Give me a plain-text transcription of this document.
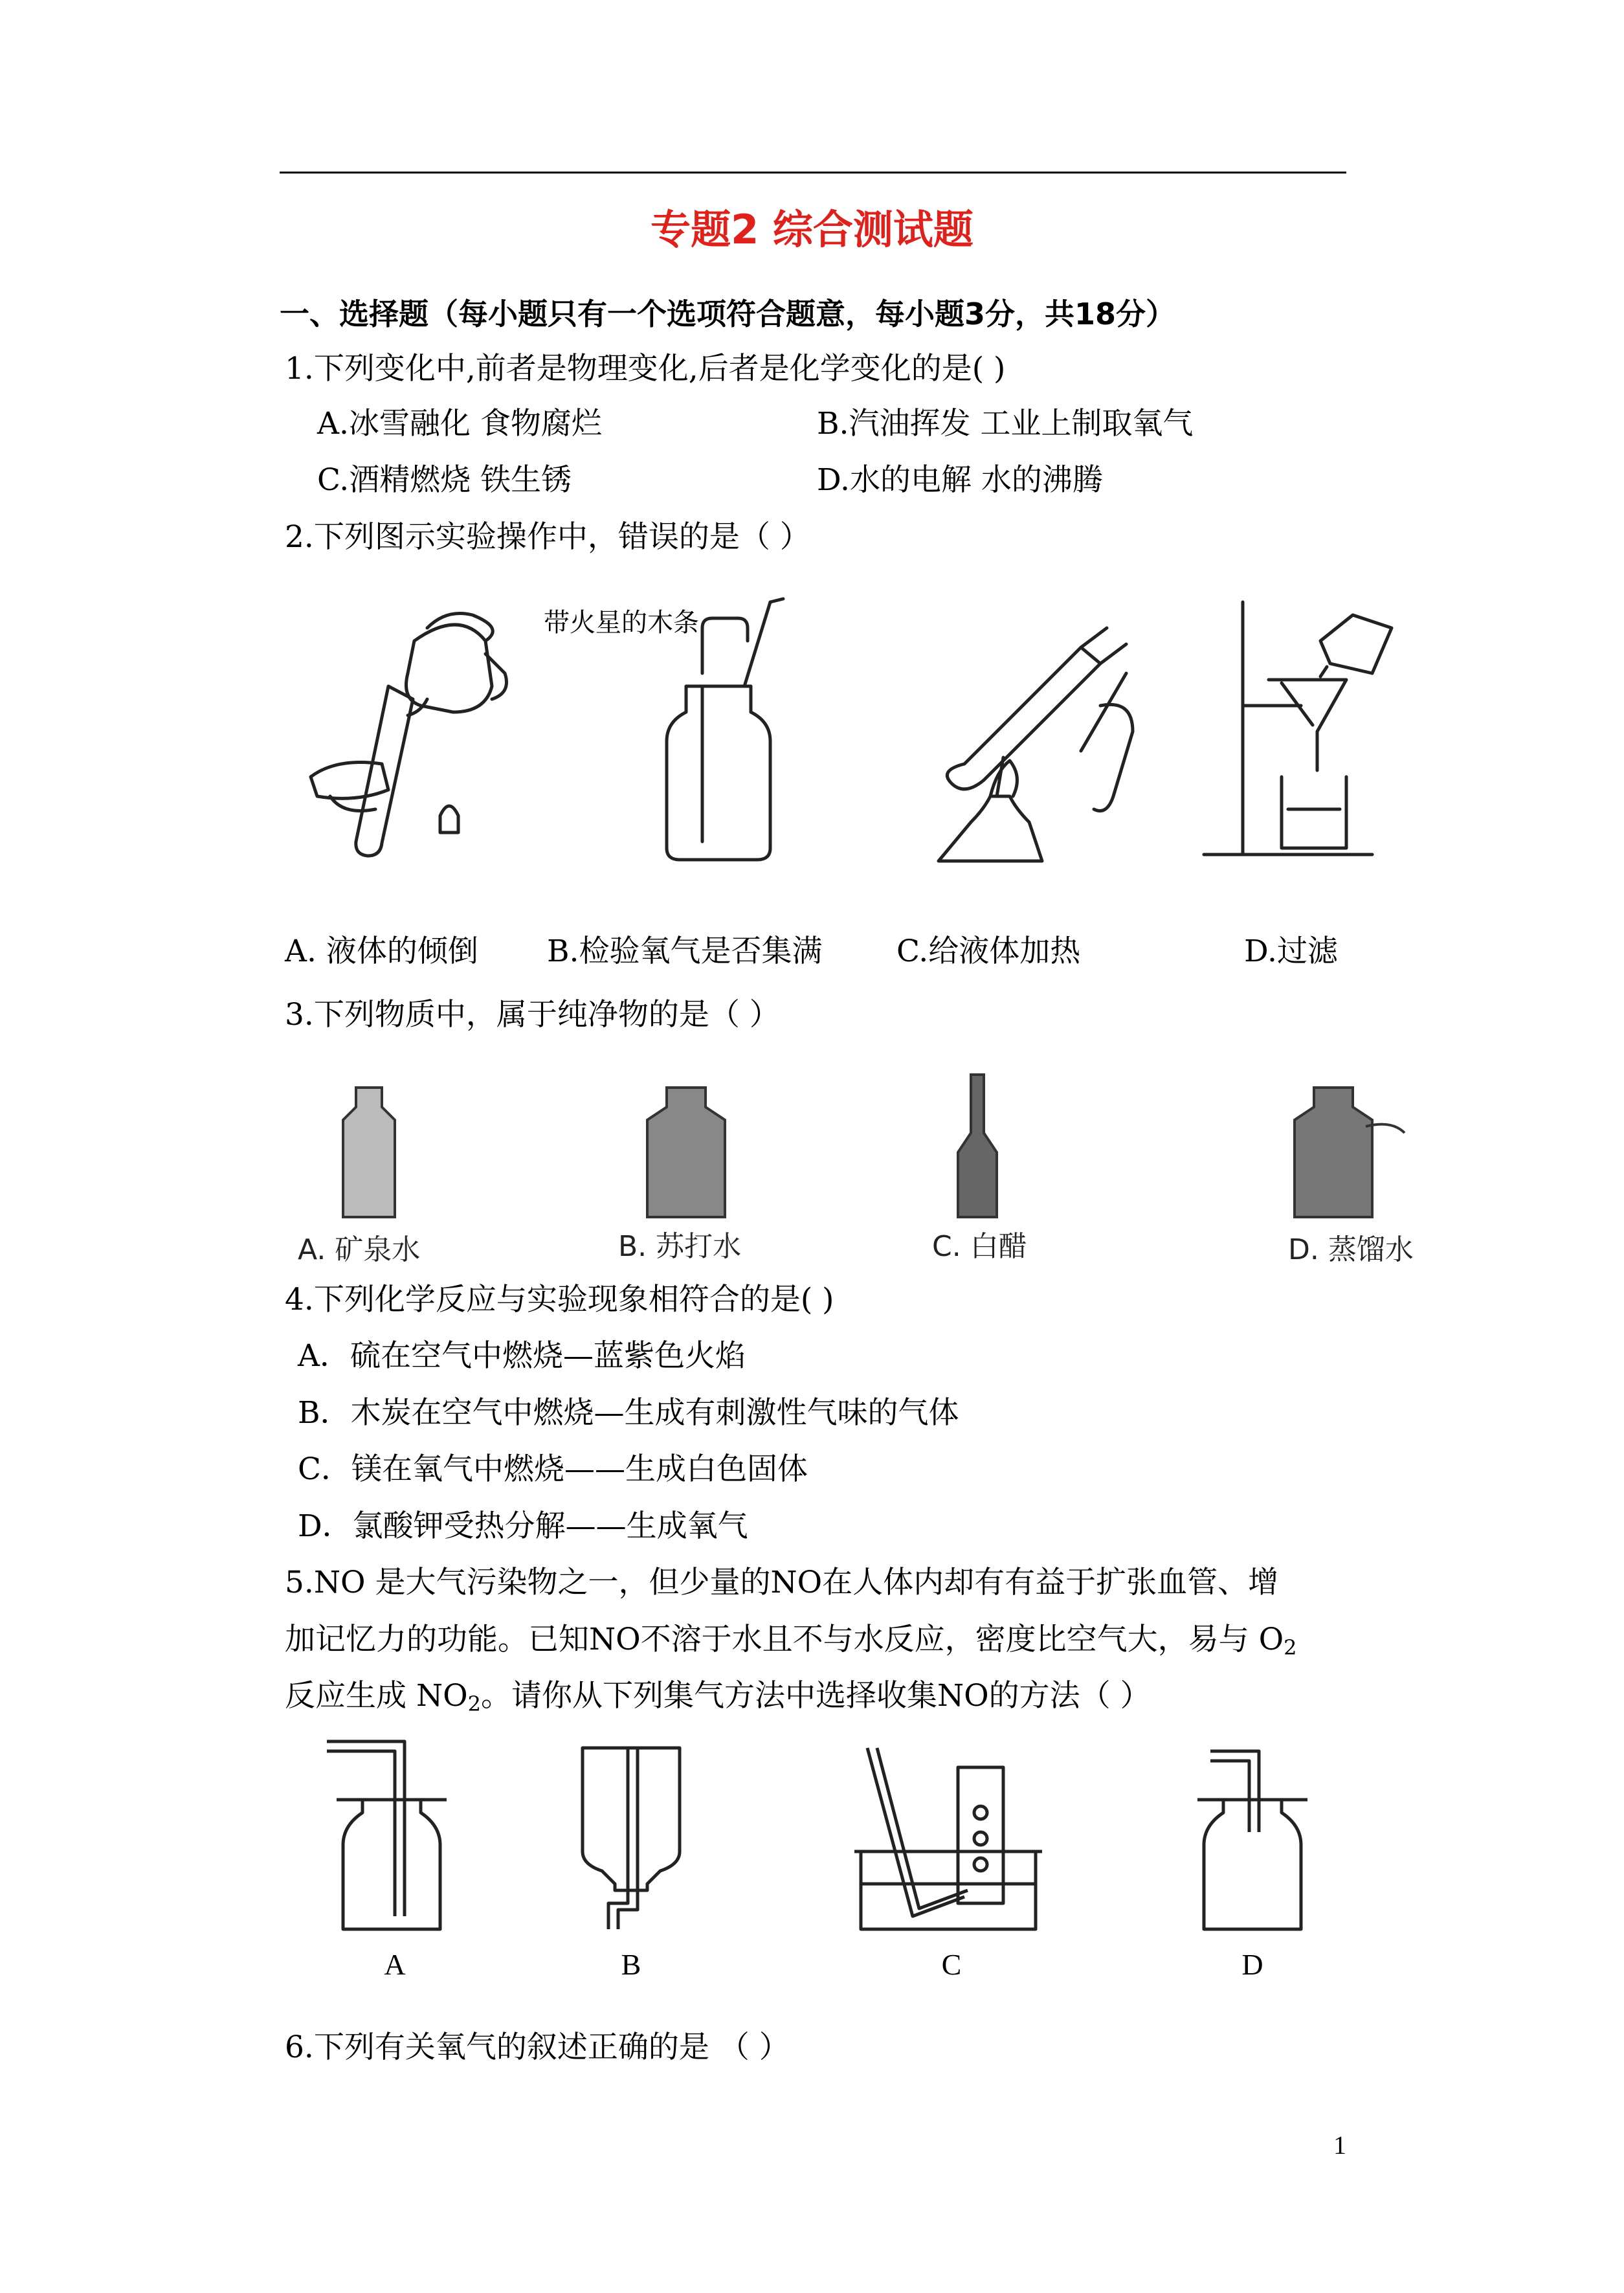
专题2 综合测试题
一、选择题（每小题只有一个选项符合题意，每小题3分，共18分）
1.下列变化中,前者是物理变化,后者是化学变化的是( )
A.冰雪融化 食物腐烂	B.汽油挥发 工业上制取氧气
C.酒精燃烧 铁生锈	D.水的电解 水的沸腾
2.下列图示实验操作中，错误的是（ ）
带火星的木条
A. 液体的倾倒 B.检验氧气是否集满 C.给液体加热	D.过滤
3.下列物质中，属于纯净物的是（ ）
A. 矿泉水	B. 苏打水	C. 白醋	D. 蒸馏水
4.下列化学反应与实验现象相符合的是( )
A．硫在空气中燃烧—蓝紫色火焰
B．木炭在空气中燃烧—生成有刺激性气味的气体
C．镁在氧气中燃烧——生成白色固体
D．氯酸钾受热分解——生成氧气
5.NO 是大气污染物之一，但少量的NO在人体内却有有益于扩张血管、增
加记忆力的功能。已知NO不溶于水且不与水反应，密度比空气大，易与 $O_2$
反应生成 $NO_2$。请你从下列集气方法中选择收集NO的方法（ ）
A	B	C	D
6.下列有关氧气的叙述正确的是 （ ）
1
